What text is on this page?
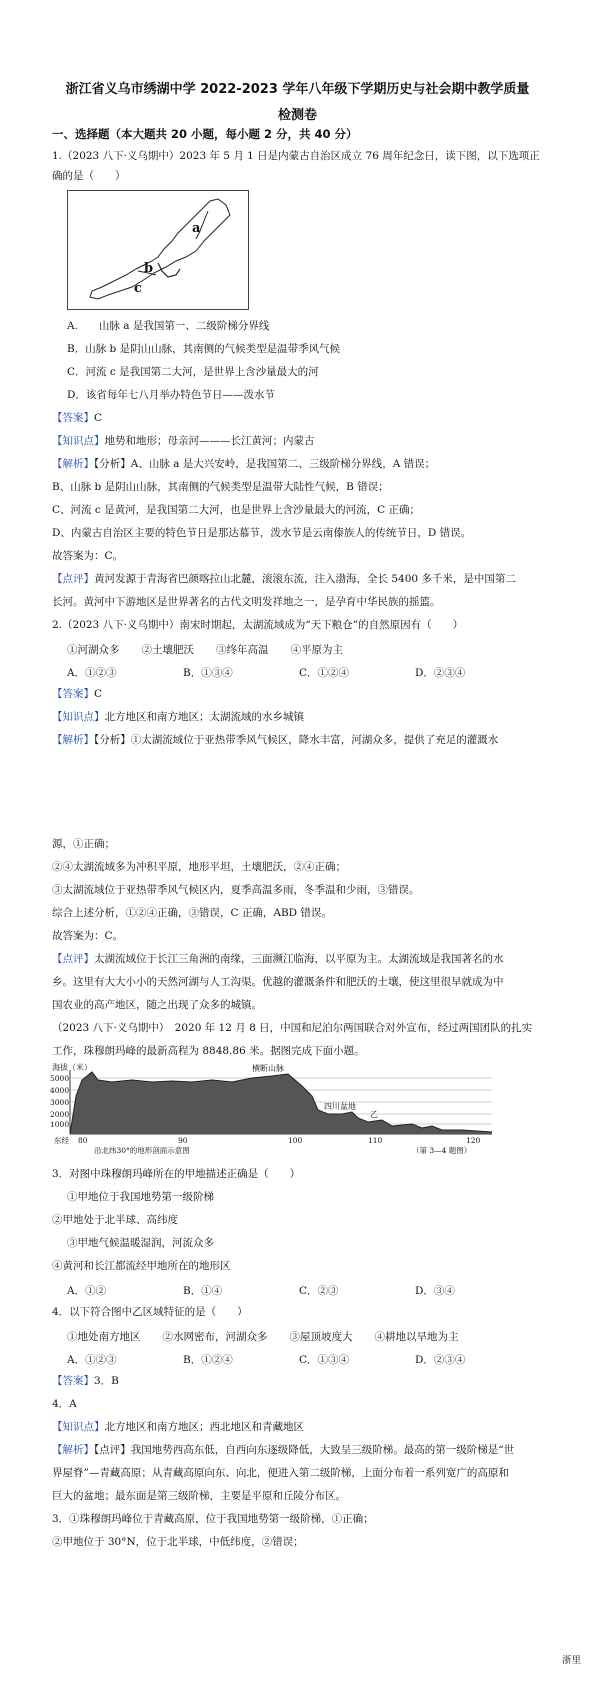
浙江省义乌市绣湖中学 2022-2023 学年八年级下学期历史与社会期中教学质量
检测卷
一、选择题（本大题共 20 小题，每小题 2 分，共 40 分）
1.（2023 八下·义乌期中）2023 年 5 月 1 日是内蒙古自治区成立 76 周年纪念日，读下图，以下选项正
确的是（　　）
a
b
c
A.　　山脉 a 是我国第一、二级阶梯分界线
B．山脉 b 是阴山山脉，其南侧的气候类型是温带季风气候
C．河流 c 是我国第二大河，是世界上含沙量最大的河
D．该省每年七八月举办特色节日——泼水节
【答案】C
【知识点】地势和地形；母亲河———长江黄河；内蒙古
【解析】【分析】A、山脉 a 是大兴安岭，是我国第二、三级阶梯分界线，A 错误；
B、山脉 b 是阴山山脉，其南侧的气候类型是温带大陆性气候，B 错误；
C、河流 c 是黄河，是我国第二大河，也是世界上含沙量最大的河流，C 正确；
D、内蒙古自治区主要的特色节日是那达慕节，泼水节是云南傣族人的传统节日，D 错误。
故答案为：C。
【点评】黄河发源于青海省巴颜喀拉山北麓，滚滚东流，注入渤海，全长 5400 多千米，是中国第二
长河。黄河中下游地区是世界著名的古代文明发祥地之一，是孕育中华民族的摇篮。
2.（2023 八下·义乌期中）南宋时期起，太湖流域成为“天下粮仓”的自然原因有（　　）
①河湖众多 ②土壤肥沃 ③终年高温 ④平原为主
A．①②③	B．①③④	C．①②④	D．②③④
【答案】C
【知识点】北方地区和南方地区；太湖流域的水乡城镇
【解析】【分析】①太湖流域位于亚热带季风气候区，降水丰富，河湖众多，提供了充足的灌溉水
源，①正确；
②④太湖流域多为冲积平原，地形平坦，土壤肥沃，②④正确；
③太湖流域位于亚热带季风气候区内，夏季高温多雨，冬季温和少雨，③错误。
综合上述分析，①②④正确，③错误，C 正确，ABD 错误。
故答案为：C。
【点评】太湖流域位于长江三角洲的南缘，三面濒江临海，以平原为主。太湖流域是我国著名的水
乡。这里有大大小小的天然河湖与人工沟渠。优越的灌溉条件和肥沃的土壤，使这里很早就成为中
国农业的高产地区，随之出现了众多的城镇。
（2023 八下·义乌期中）　2020 年 12 月 8 日，中国和尼泊尔两国联合对外宣布，经过两国团队的扎实
工作，珠穆朗玛峰的最新高程为 8848.86 米。据图完成下面小题。
海拔（米）
5000
4000
3000
2000
1000
甲	横断山脉
四川盆地
乙
东经 80	90	100	110	120
沿北纬30°的地形剖面示意图	（第 3—4 题图）
3．对图中珠穆朗玛峰所在的甲地描述正确是（　　）
①甲地位于我国地势第一级阶梯
②甲地处于北半球、高纬度
③甲地气候温暖湿润，河流众多
④黄河和长江都流经甲地所在的地形区
A．①②	B．①④	C．②③	D．③④
4．以下符合图中乙区域特征的是（　　）
①地处南方地区 ②水网密布，河湖众多 ③屋顶坡度大 ④耕地以旱地为主
A．①②③	B．①②④	C．①③④	D．②③④
【答案】3．B
4．A
【知识点】北方地区和南方地区；西北地区和青藏地区
【解析】【点评】我国地势西高东低，自西向东逐级降低，大致呈三级阶梯。最高的第一级阶梯是“世
界屋脊”—青藏高原；从青藏高原向东、向北，便进入第二级阶梯，上面分布着一系列宽广的高原和
巨大的盆地；最东面是第三级阶梯，主要是平原和丘陵分布区。
3．①珠穆朗玛峰位于青藏高原，位于我国地势第一级阶梯，①正确；
②甲地位于 30°N，位于北半球，中低纬度，②错误；
浙里
